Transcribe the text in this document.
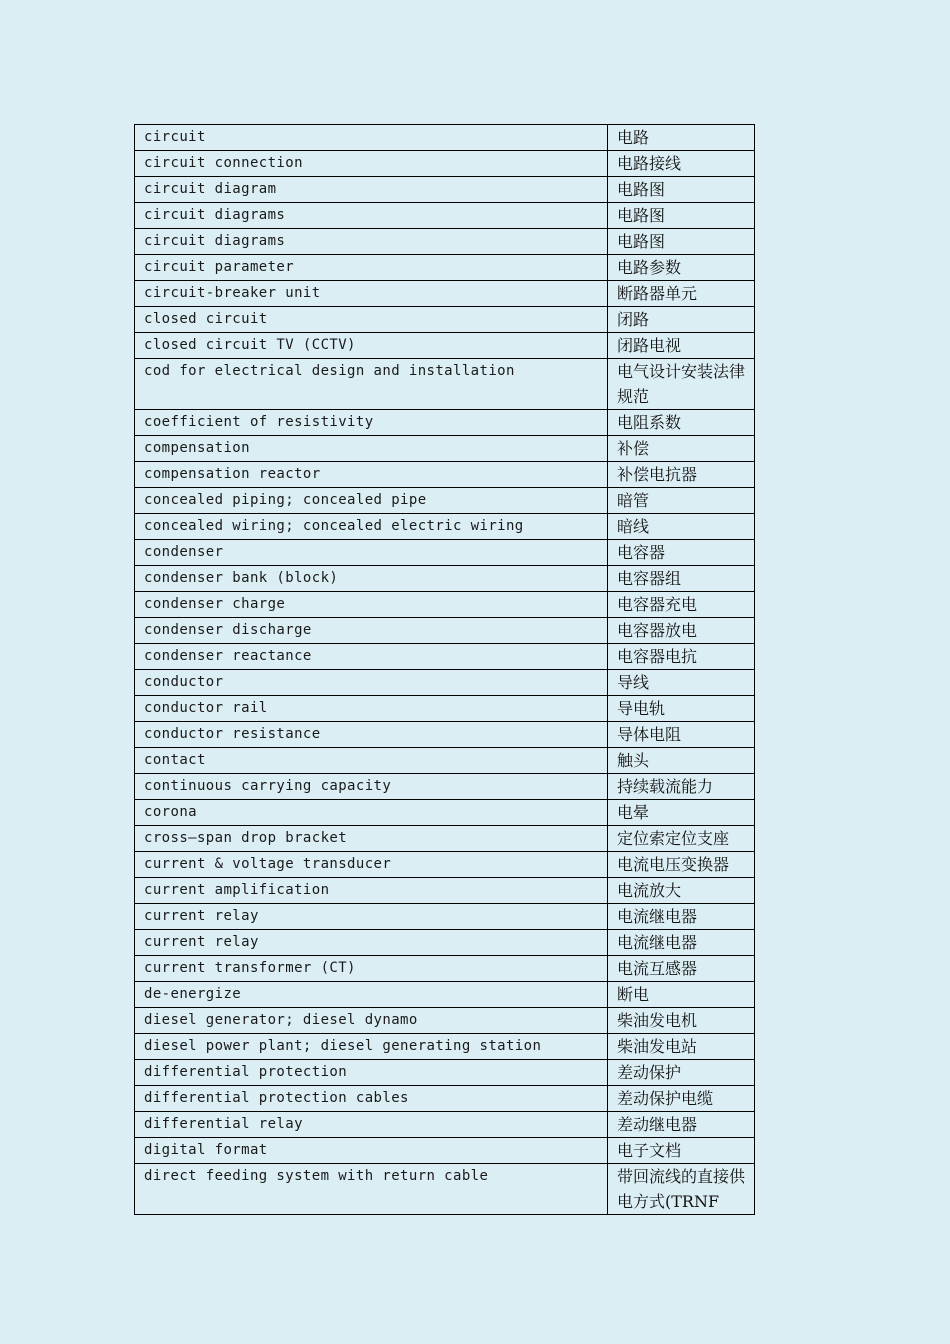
circuit	电路
circuit connection	电路接线
circuit diagram	电路图
circuit diagrams	电路图
circuit diagrams	电路图
circuit parameter	电路参数
circuit-breaker unit	断路器单元
closed circuit	闭路
closed circuit TV (CCTV)	闭路电视
cod for electrical design and installation	电气设计安装法律规范
coefficient of resistivity	电阻系数
compensation	补偿
compensation reactor	补偿电抗器
concealed piping; concealed pipe	暗管
concealed wiring; concealed electric wiring	暗线
condenser	电容器
condenser bank (block)	电容器组
condenser charge	电容器充电
condenser discharge	电容器放电
condenser reactance	电容器电抗
conductor	导线
conductor rail	导电轨
conductor resistance	导体电阻
contact	触头
continuous carrying capacity	持续载流能力
corona	电晕
cross—span drop bracket	定位索定位支座
current & voltage transducer	电流电压变换器
current amplification	电流放大
current relay	电流继电器
current relay	电流继电器
current transformer (CT)	电流互感器
de-energize	断电
diesel generator; diesel dynamo	柴油发电机
diesel power plant; diesel generating station	柴油发电站
differential protection	差动保护
differential protection cables	差动保护电缆
differential relay	差动继电器
digital format	电子文档
direct feeding system with return cable	带回流线的直接供电方式(TRNF
